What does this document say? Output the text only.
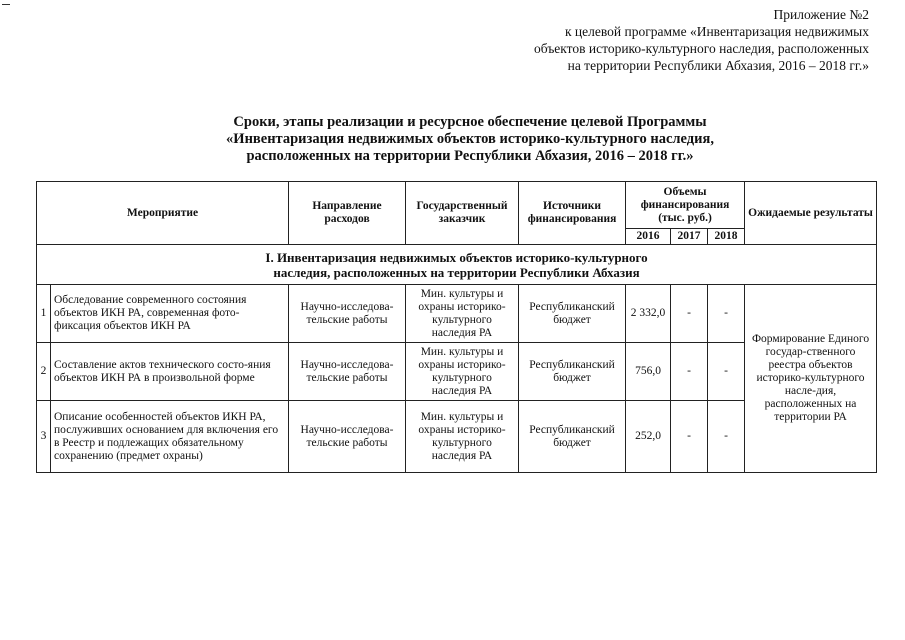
Приложение №2
к целевой программе «Инвентаризация недвижимых
объектов историко-культурного наследия, расположенных
на территории Республики Абхазия, 2016 – 2018 гг.»
Сроки, этапы реализации и ресурсное обеспечение целевой Программы
«Инвентаризация недвижимых объектов историко-культурного наследия,
расположенных на территории Республики Абхазия, 2016 – 2018 гг.»
Мероприятие		Направление расходов	Государственный заказчик	Источники финансирования	Объемы финансирования (тыс. руб.)			Ожидаемые результаты
					2016	2017	2018	

I. Инвентаризация недвижимых объектов историко-культурного
наследия, расположенных на территории Республики Абхазия								

1	Обследование современного состояния объектов ИКН РА, современная фото-фиксация объектов ИКН РА	Научно-исследова-тельские работы	Мин. культуры и охраны историко-культурного наследия РА	Республиканский бюджет	2 332,0	-	-	Формирование Единого государ-ственного реестра объектов историко-культурного насле-дия, расположенных на территории РА
2	Составление актов технического состо-яния объектов ИКН РА в произвольной форме	Научно-исследова-тельские работы	Мин. культуры и охраны историко-культурного наследия РА	Республиканский бюджет	756,0	-	-	
3	Описание особенностей объектов ИКН РА, послуживших основанием для включения его в Реестр и подлежащих обязательному сохранению (предмет охраны)	Научно-исследова-тельские работы	Мин. культуры и охраны историко-культурного наследия РА	Республиканский бюджет	252,0	-	-	
